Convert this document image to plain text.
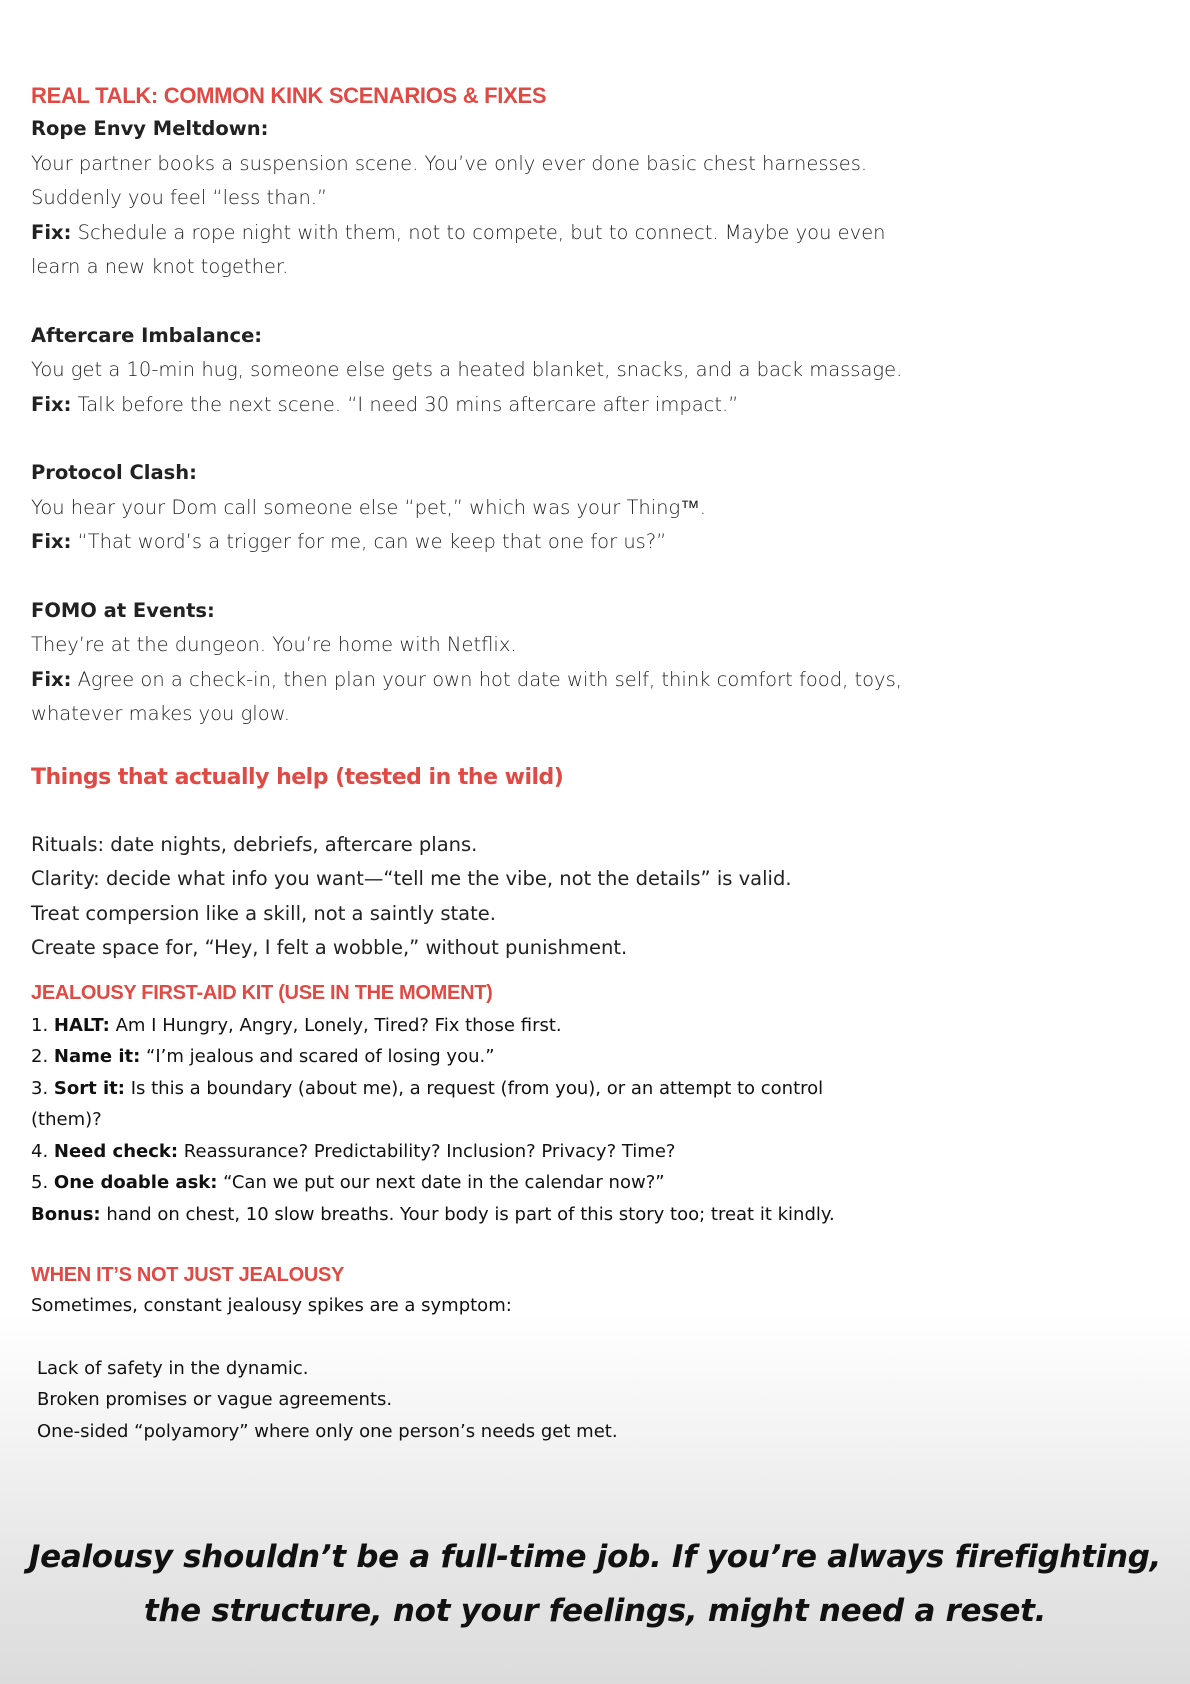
REAL TALK: COMMON KINK SCENARIOS & FIXES
Rope Envy Meltdown:

Your partner books a suspension scene. You’ve only ever done basic chest harnesses.

Suddenly you feel “less than.”

Fix: Schedule a rope night with them, not to compete, but to connect. Maybe you even

learn a new knot together.

Aftercare Imbalance:

You get a 10-min hug, someone else gets a heated blanket, snacks, and a back massage.

Fix: Talk before the next scene. “I need 30 mins aftercare after impact.”

Protocol Clash:

You hear your Dom call someone else “pet,” which was your Thing™.

Fix: “That word’s a trigger for me, can we keep that one for us?”

FOMO at Events:

They’re at the dungeon. You’re home with Netflix.

Fix: Agree on a check-in, then plan your own hot date with self, think comfort food, toys,

whatever makes you glow.

Things that actually help (tested in the wild)

Rituals: date nights, debriefs, aftercare plans.

Clarity: decide what info you want—“tell me the vibe, not the details” is valid.

Treat compersion like a skill, not a saintly state.

Create space for, “Hey, I felt a wobble,” without punishment.

JEALOUSY FIRST-AID KIT (USE IN THE MOMENT)

1. HALT: Am I Hungry, Angry, Lonely, Tired? Fix those first.

2. Name it: “I’m jealous and scared of losing you.”

3. Sort it: Is this a boundary (about me), a request (from you), or an attempt to control

(them)?

4. Need check: Reassurance? Predictability? Inclusion? Privacy? Time?

5. One doable ask: “Can we put our next date in the calendar now?”

Bonus: hand on chest, 10 slow breaths. Your body is part of this story too; treat it kindly.

WHEN IT’S NOT JUST JEALOUSY

Sometimes, constant jealousy spikes are a symptom:

Lack of safety in the dynamic.
Broken promises or vague agreements.
One-sided “polyamory” where only one person’s needs get met.
Jealousy shouldn’t be a full-time job. If you’re always firefighting,
the structure, not your feelings, might need a reset.
